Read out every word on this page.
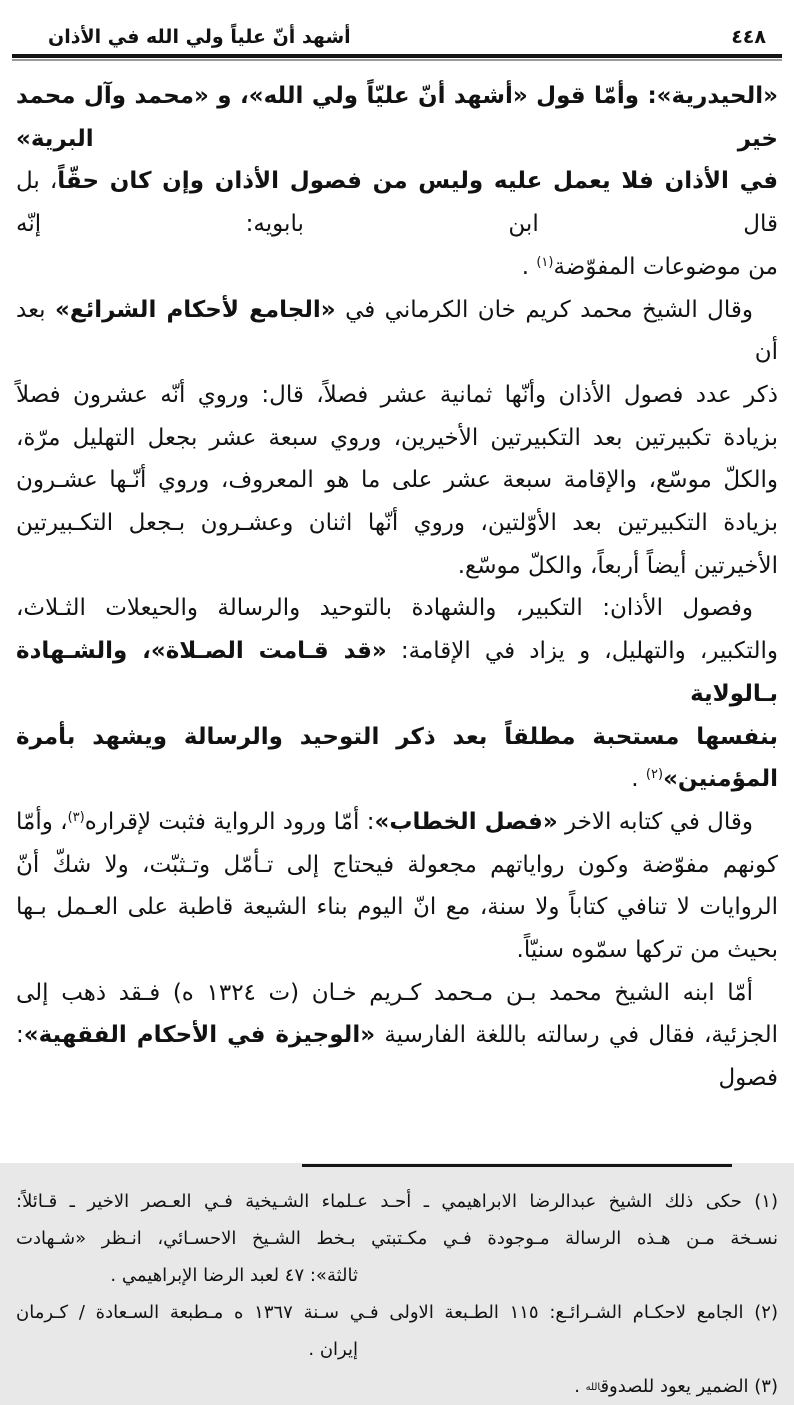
٤٤٨
أشهد أنّ علياً ولي الله في الأذان
«الحيدرية»: وأمّا قول «أشهد أنّ عليّاً ولي الله»، و «محمد وآل محمد خير البرية»
في الأذان فلا يعمل عليه وليس من فصول الأذان وإن كان حقّاً، بل قال ابن بابويه: إنّه
من موضوعات المفوّضة$^{(١)}$ .
وقال الشيخ محمد كريم خان الكرماني في «الجامع لأحكام الشرائع» بعد أن
ذكر عدد فصول الأذان وأنّها ثمانية عشر فصلاً، قال: وروي أنّه عشرون فصلاً
بزيادة تكبيرتين بعد التكبيرتين الأخيرين، وروي سبعة عشر بجعل التهليل مرّة،
والكلّ موسّع، والإقامة سبعة عشر على ما هو المعروف، وروي أنّـها عشـرون
بزيادة التكبيرتين بعد الأوّلتين، وروي أنّها اثنان وعشـرون بـجعل التكـبيرتين
الأخيرتين أيضاً أربعاً، والكلّ موسّع.
وفصول الأذان: التكبير، والشهادة بالتوحيد والرسالة والحيعلات الثـلاث،
والتكبير، والتهليل، و يزاد في الإقامة: «قد قـامت الصـلاة»، والشـهادة بـالولاية
بنفسها مستحبة مطلقاً بعد ذكر التوحيد والرسالة ويشهد بأمرة المؤمنين»$^{(٢)}$ .
وقال في كتابه الاخر «فصل الخطاب»: أمّا ورود الرواية فثبت لإقراره$^{(٣)}$، وأمّا
كونهم مفوّضة وكون رواياتهم مجعولة فيحتاج إلى تـأمّل وتـثبّت، ولا شكّ أنّ
الروايات لا تنافي كتاباً ولا سنة، مع انّ اليوم بناء الشيعة قاطبة على العـمل بـها
بحيث من تركها سمّوه سنيّاً.
أمّا ابنه الشيخ محمد بـن مـحمد كـريم خـان (ت ١٣٢٤ ه) فـقد ذهب إلى
الجزئية، فقال في رسالته باللغة الفارسية «الوجيزة في الأحكام الفقهية»: فصول
(١) حكى ذلك الشيخ عبدالرضا الابراهيمي ـ أحـد عـلماء الشـيخية فـي العـصر الاخير ـ قـائلاً:
نسـخة مـن هـذه الرسالة مـوجودة فـي مكـتبتي بـخط الشـيخ الاحسـائي، انـظر «شـهادت
ثالثة»: ٤٧ لعبد الرضا الإبراهيمي .
(٢) الجامع لاحكـام الشـرائـع: ١١٥ الطـبعة الاولى فـي سـنة ١٣٦٧ ه مـطبعة السـعادة / كـرمان
إيران .
(٣) الضمير يعود للصدوقالله .
